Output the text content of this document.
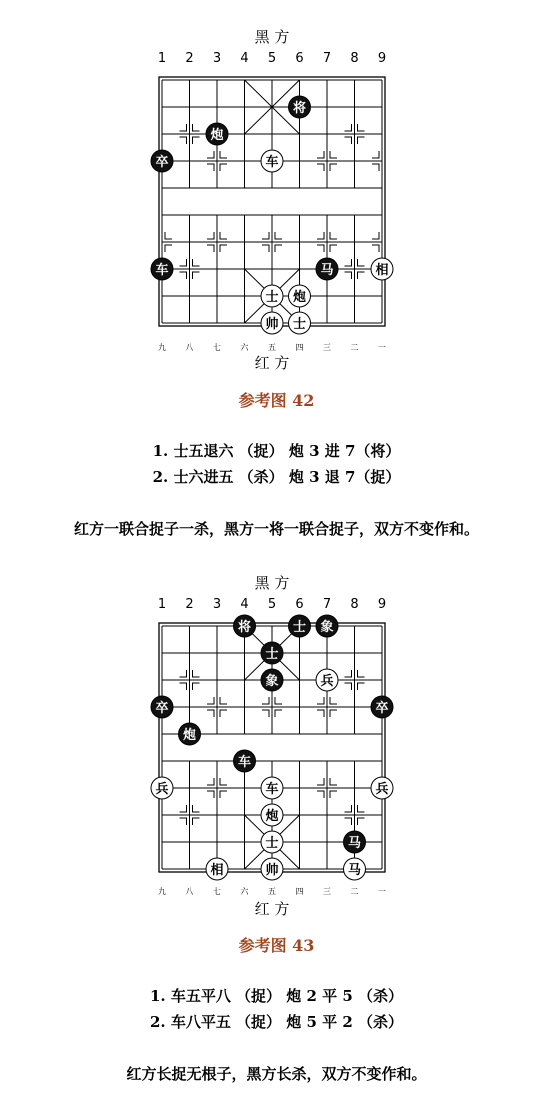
黑 方
1 2 3 4 5 6 7 8 9
九 八 七 六 五 四 三 二 一
红 方
将
炮
卒	车
车	马	相
士 炮
帅 士
参考图 42
1. 士五退六 （捉） 炮 3 进 7（将）
2. 士六进五 （杀） 炮 3 退 7（捉）
红方一联合捉子一杀，黑方一将一联合捉子，双方不变作和。
黑 方
1 2 3 4 5 6 7 8 9
九 八 七 六 五 四 三 二 一
红 方
将	士 象
士
象	兵
卒	卒
炮
车
兵	车	兵
炮
士	马
相	帅	马
参考图 43
1. 车五平八 （捉） 炮 2 平 5 （杀）
2. 车八平五 （捉） 炮 5 平 2 （杀）
红方长捉无根子，黑方长杀，双方不变作和。
